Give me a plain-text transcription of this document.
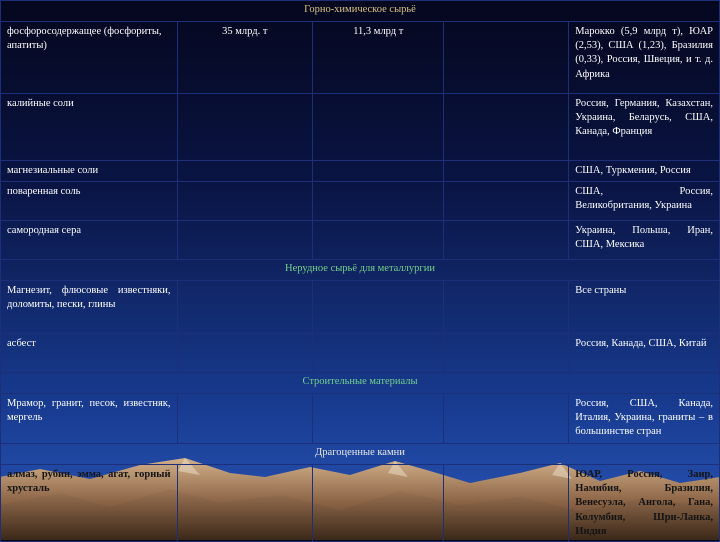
Горно-химическое сырьё				
фосфоросодержащее (фосфориты, апатиты)	35 млрд. т	11,3 млрд т		Марокко (5,9 млрд т), ЮАР (2,53), США (1,23), Бразилия (0,33), Россия, Швеция, и т. д. Африка
калийные соли				Россия, Германия, Казахстан, Украина, Беларусь, США, Канада, Франция
магнезиальные соли				США, Туркмения, Россия
поваренная соль				США, Россия, Великобритания, Украина
самородная сера				Украина, Польша, Иран, США, Мексика
Нерудное сырьё для металлургии				
Магнезит, флюсовые известняки, доломиты, пески, глины				Все страны
асбест				Россия, Канада, США, Китай
Строительные материалы				
Мрамор, гранит, песок, известняк, мергель				Россия, США, Канада, Италия, Украина, граниты – в большинстве стран
Драгоценные камни				
алмаз, рубин, эмма, агат, горный хрусталь				ЮАР, Россия, Заир, Намибия, Бразилия, Венесуэла, Ангола, Гана, Колумбия, Шри-Ланка, Индия
